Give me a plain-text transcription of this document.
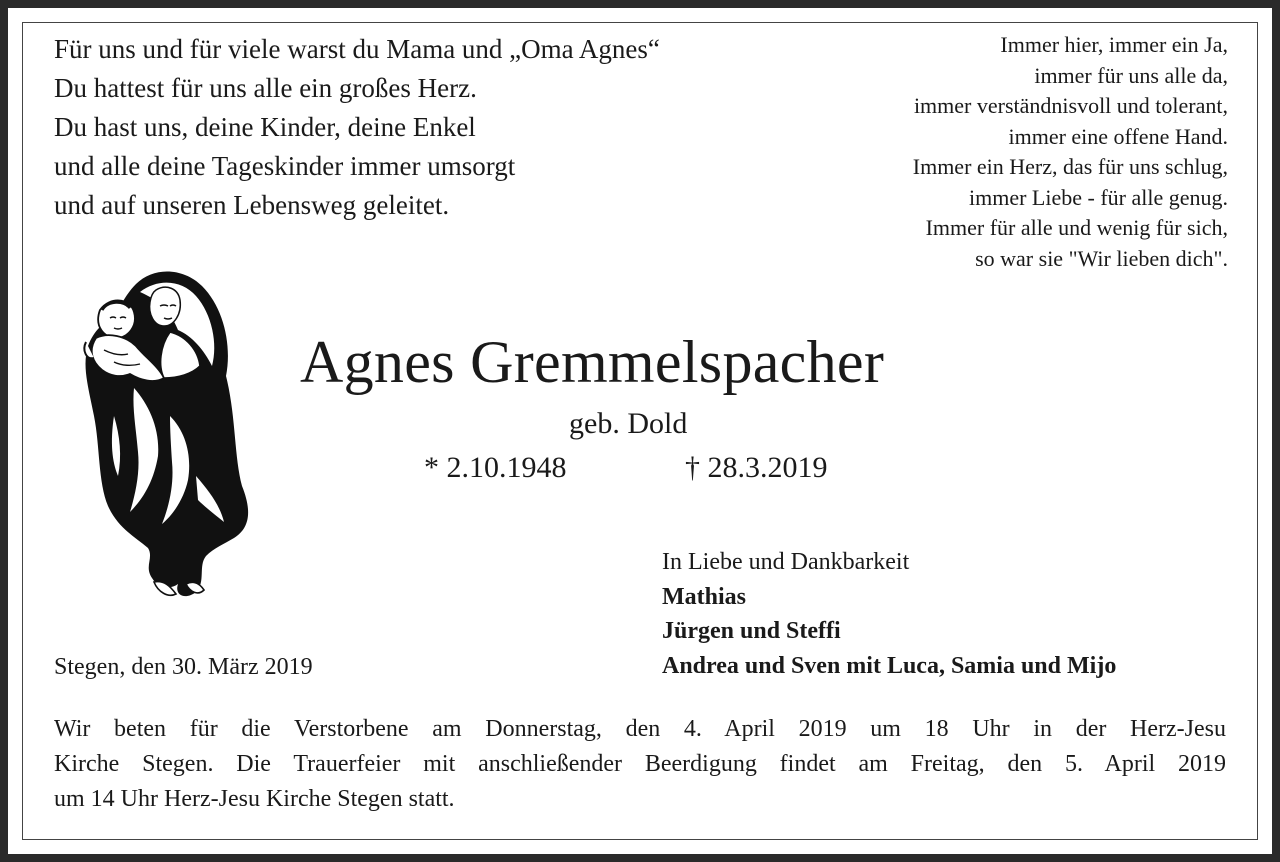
Für uns und für viele warst du Mama und „Oma Agnes“
Du hattest für uns alle ein großes Herz.
Du hast uns, deine Kinder, deine Enkel
und alle deine Tageskinder immer umsorgt
und auf unseren Lebensweg geleitet.
Immer hier, immer ein Ja,
immer für uns alle da,
immer verständnisvoll und tolerant,
immer eine offene Hand.
Immer ein Herz, das für uns schlug,
immer Liebe - für alle genug.
Immer für alle und wenig für sich,
so war sie "Wir lieben dich".
Agnes Gremmelspacher
geb. Dold
* 2.10.1948	† 28.3.2019
In Liebe und Dankbarkeit
Mathias
Jürgen und Steffi
Andrea und Sven mit Luca, Samia und Mijo
Stegen, den 30. März 2019
Wir beten für die Verstorbene am Donnerstag, den 4. April 2019 um 18 Uhr in der Herz-Jesu
Kirche Stegen. Die Trauerfeier mit anschließender Beerdigung findet am Freitag, den 5. April 2019
um 14 Uhr Herz-Jesu Kirche Stegen statt.
